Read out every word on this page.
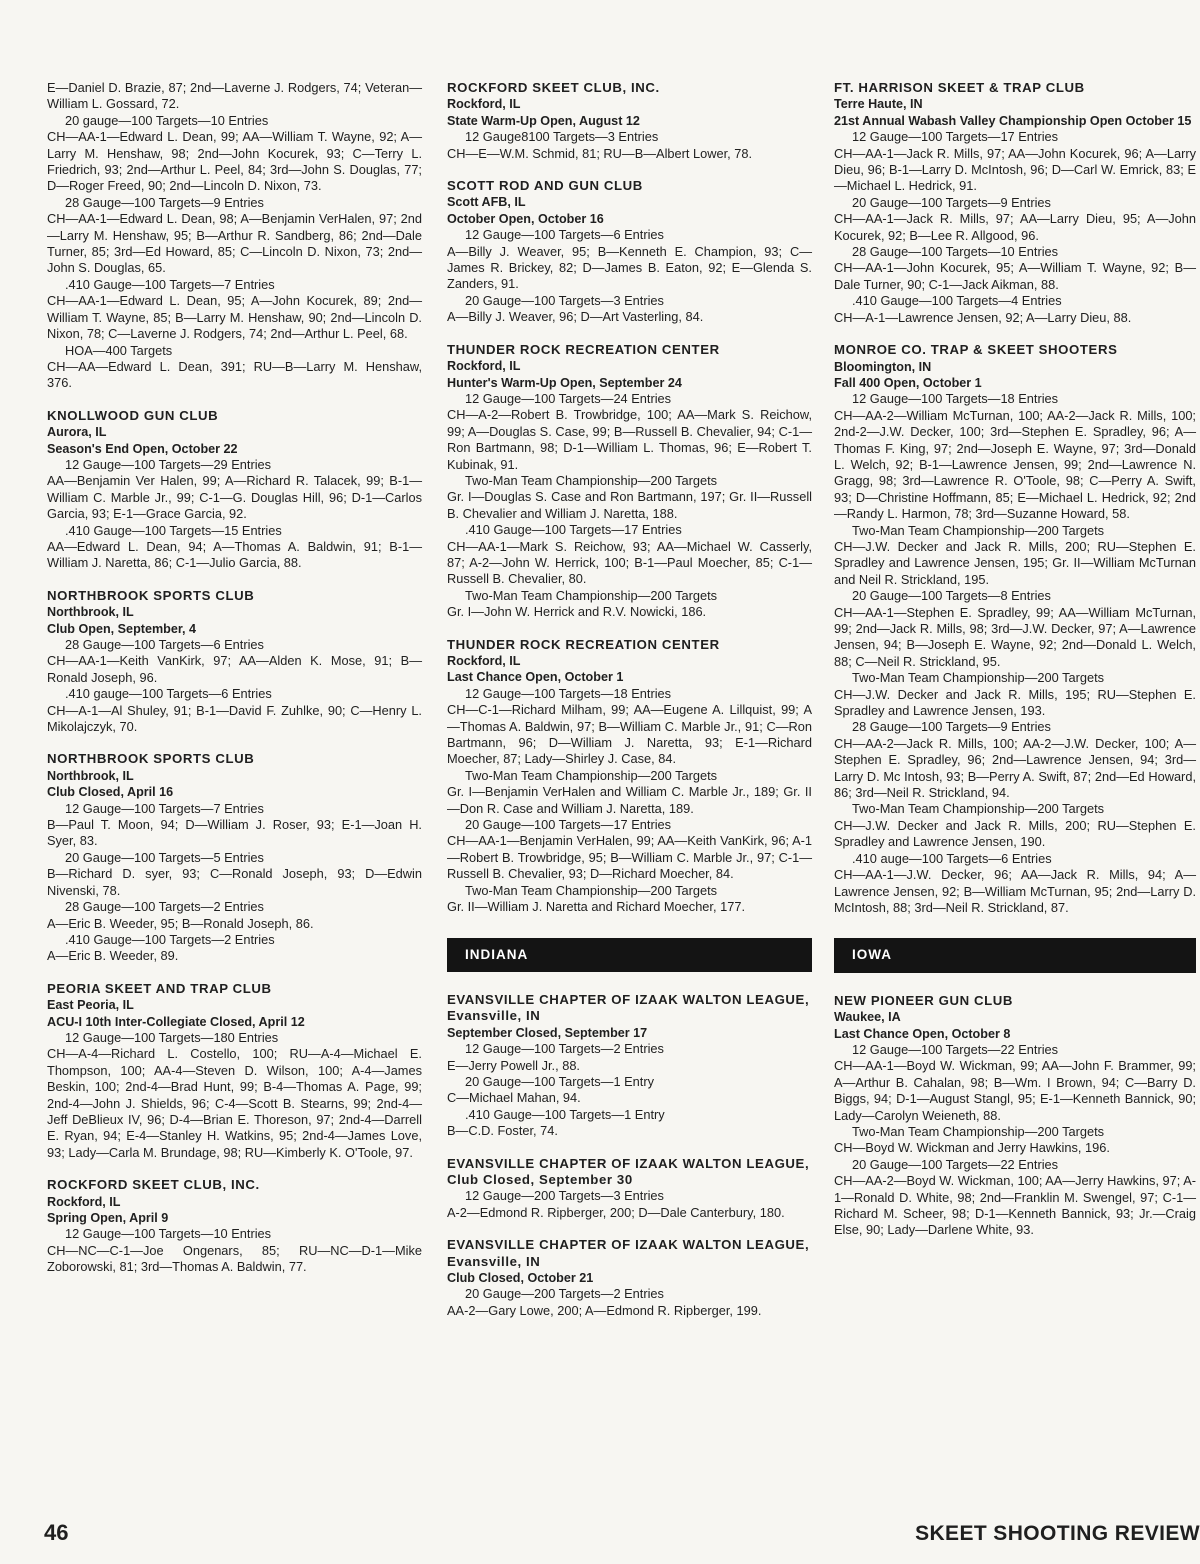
E—Daniel D. Brazie, 87; 2nd—Laverne J. Rodgers, 74; Veteran—William L. Gossard, 72.
20 gauge—100 Targets—10 Entries
CH—AA-1—Edward L. Dean, 99; AA—William T. Wayne, 92; A—Larry M. Henshaw, 98; 2nd—John Kocurek, 93; C—Terry L. Friedrich, 93; 2nd—Arthur L. Peel, 84; 3rd—John S. Douglas, 77; D—Roger Freed, 90; 2nd—Lincoln D. Nixon, 73.
28 Gauge—100 Targets—9 Entries
CH—AA-1—Edward L. Dean, 98; A—Benjamin VerHalen, 97; 2nd—Larry M. Henshaw, 95; B—Arthur R. Sandberg, 86; 2nd—Dale Turner, 85; 3rd—Ed Howard, 85; C—Lincoln D. Nixon, 73; 2nd—John S. Douglas, 65.
.410 Gauge—100 Targets—7 Entries
CH—AA-1—Edward L. Dean, 95; A—John Kocurek, 89; 2nd—William T. Wayne, 85; B—Larry M. Henshaw, 90; 2nd—Lincoln D. Nixon, 78; C—Laverne J. Rodgers, 74; 2nd—Arthur L. Peel, 68.
HOA—400 Targets
CH—AA—Edward L. Dean, 391; RU—B—Larry M. Henshaw, 376.
KNOLLWOOD GUN CLUB
Aurora, IL
Season's End Open, October 22
12 Gauge—100 Targets—29 Entries
AA—Benjamin Ver Halen, 99; A—Richard R. Talacek, 99; B-1—William C. Marble Jr., 99; C-1—G. Douglas Hill, 96; D-1—Carlos Garcia, 93; E-1—Grace Garcia, 92.
.410 Gauge—100 Targets—15 Entries
AA—Edward L. Dean, 94; A—Thomas A. Baldwin, 91; B-1—William J. Naretta, 86; C-1—Julio Garcia, 88.
NORTHBROOK SPORTS CLUB
Northbrook, IL
Club Open, September, 4
28 Gauge—100 Targets—6 Entries
CH—AA-1—Keith VanKirk, 97; AA—Alden K. Mose, 91; B—Ronald Joseph, 96.
.410 gauge—100 Targets—6 Entries
CH—A-1—Al Shuley, 91; B-1—David F. Zuhlke, 90; C—Henry L. Mikolajczyk, 70.
NORTHBROOK SPORTS CLUB
Northbrook, IL
Club Closed, April 16
12 Gauge—100 Targets—7 Entries
B—Paul T. Moon, 94; D—William J. Roser, 93; E-1—Joan H. Syer, 83.
20 Gauge—100 Targets—5 Entries
B—Richard D. syer, 93; C—Ronald Joseph, 93; D—Edwin Nivenski, 78.
28 Gauge—100 Targets—2 Entries
A—Eric B. Weeder, 95; B—Ronald Joseph, 86.
.410 Gauge—100 Targets—2 Entries
A—Eric B. Weeder, 89.
PEORIA SKEET AND TRAP CLUB
East Peoria, IL
ACU-I 10th Inter-Collegiate Closed, April 12
12 Gauge—100 Targets—180 Entries
CH—A-4—Richard L. Costello, 100; RU—A-4—Michael E. Thompson, 100; AA-4—Steven D. Wilson, 100; A-4—James Beskin, 100; 2nd-4—Brad Hunt, 99; B-4—Thomas A. Page, 99; 2nd-4—John J. Shields, 96; C-4—Scott B. Stearns, 99; 2nd-4—Jeff DeBlieux IV, 96; D-4—Brian E. Thoreson, 97; 2nd-4—Darrell E. Ryan, 94; E-4—Stanley H. Watkins, 95; 2nd-4—James Love, 93; Lady—Carla M. Brundage, 98; RU—Kimberly K. O'Toole, 97.
ROCKFORD SKEET CLUB, INC.
Rockford, IL
Spring Open, April 9
12 Gauge—100 Targets—10 Entries
CH—NC—C-1—Joe Ongenars, 85; RU—NC—D-1—Mike Zoborowski, 81; 3rd—Thomas A. Baldwin, 77.
ROCKFORD SKEET CLUB, INC.
Rockford, IL
State Warm-Up Open, August 12
12 Gauge8100 Targets—3 Entries
CH—E—W.M. Schmid, 81; RU—B—Albert Lower, 78.
SCOTT ROD AND GUN CLUB
Scott AFB, IL
October Open, October 16
12 Gauge—100 Targets—6 Entries
A—Billy J. Weaver, 95; B—Kenneth E. Champion, 93; C—James R. Brickey, 82; D—James B. Eaton, 92; E—Glenda S. Zanders, 91.
20 Gauge—100 Targets—3 Entries
A—Billy J. Weaver, 96; D—Art Vasterling, 84.
THUNDER ROCK RECREATION CENTER
Rockford, IL
Hunter's Warm-Up Open, September 24
12 Gauge—100 Targets—24 Entries
CH—A-2—Robert B. Trowbridge, 100; AA—Mark S. Reichow, 99; A—Douglas S. Case, 99; B—Russell B. Chevalier, 94; C-1—Ron Bartmann, 98; D-1—William L. Thomas, 96; E—Robert T. Kubinak, 91.
Two-Man Team Championship—200 Targets
Gr. I—Douglas S. Case and Ron Bartmann, 197; Gr. II—Russell B. Chevalier and William J. Naretta, 188.
.410 Gauge—100 Targets—17 Entries
CH—AA-1—Mark S. Reichow, 93; AA—Michael W. Casserly, 87; A-2—John W. Herrick, 100; B-1—Paul Moecher, 85; C-1—Russell B. Chevalier, 80.
Two-Man Team Championship—200 Targets
Gr. I—John W. Herrick and R.V. Nowicki, 186.
THUNDER ROCK RECREATION CENTER
Rockford, IL
Last Chance Open, October 1
12 Gauge—100 Targets—18 Entries
CH—C-1—Richard Milham, 99; AA—Eugene A. Lillquist, 99; A—Thomas A. Baldwin, 97; B—William C. Marble Jr., 91; C—Ron Bartmann, 96; D—William J. Naretta, 93; E-1—Richard Moecher, 87; Lady—Shirley J. Case, 84.
Two-Man Team Championship—200 Targets
Gr. I—Benjamin VerHalen and William C. Marble Jr., 189; Gr. II—Don R. Case and William J. Naretta, 189.
20 Gauge—100 Targets—17 Entries
CH—AA-1—Benjamin VerHalen, 99; AA—Keith VanKirk, 96; A-1—Robert B. Trowbridge, 95; B—William C. Marble Jr., 97; C-1—Russell B. Chevalier, 93; D—Richard Moecher, 84.
Two-Man Team Championship—200 Targets
Gr. II—William J. Naretta and Richard Moecher, 177.
INDIANA
EVANSVILLE CHAPTER OF IZAAK WALTON LEAGUE, Evansville, IN
September Closed, September 17
12 Gauge—100 Targets—2 Entries
E—Jerry Powell Jr., 88.
20 Gauge—100 Targets—1 Entry
C—Michael Mahan, 94.
.410 Gauge—100 Targets—1 Entry
B—C.D. Foster, 74.
EVANSVILLE CHAPTER OF IZAAK WALTON LEAGUE, Club Closed, September 30
12 Gauge—200 Targets—3 Entries
A-2—Edmond R. Ripberger, 200; D—Dale Canterbury, 180.
EVANSVILLE CHAPTER OF IZAAK WALTON LEAGUE, Evansville, IN
Club Closed, October 21
20 Gauge—200 Targets—2 Entries
AA-2—Gary Lowe, 200; A—Edmond R. Ripberger, 199.
FT. HARRISON SKEET & TRAP CLUB
Terre Haute, IN
21st Annual Wabash Valley Championship Open October 15
12 Gauge—100 Targets—17 Entries
CH—AA-1—Jack R. Mills, 97; AA—John Kocurek, 96; A—Larry Dieu, 96; B-1—Larry D. McIntosh, 96; D—Carl W. Emrick, 83; E—Michael L. Hedrick, 91.
20 Gauge—100 Targets—9 Entries
CH—AA-1—Jack R. Mills, 97; AA—Larry Dieu, 95; A—John Kocurek, 92; B—Lee R. Allgood, 96.
28 Gauge—100 Targets—10 Entries
CH—AA-1—John Kocurek, 95; A—William T. Wayne, 92; B—Dale Turner, 90; C-1—Jack Aikman, 88.
.410 Gauge—100 Targets—4 Entries
CH—A-1—Lawrence Jensen, 92; A—Larry Dieu, 88.
MONROE CO. TRAP & SKEET SHOOTERS
Bloomington, IN
Fall 400 Open, October 1
12 Gauge—100 Targets—18 Entries
CH—AA-2—William McTurnan, 100; AA-2—Jack R. Mills, 100; 2nd-2—J.W. Decker, 100; 3rd—Stephen E. Spradley, 96; A—Thomas F. King, 97; 2nd—Joseph E. Wayne, 97; 3rd—Donald L. Welch, 92; B-1—Lawrence Jensen, 99; 2nd—Lawrence N. Gragg, 98; 3rd—Lawrence R. O'Toole, 98; C—Perry A. Swift, 93; D—Christine Hoffmann, 85; E—Michael L. Hedrick, 92; 2nd—Randy L. Harmon, 78; 3rd—Suzanne Howard, 58.
Two-Man Team Championship—200 Targets
CH—J.W. Decker and Jack R. Mills, 200; RU—Stephen E. Spradley and Lawrence Jensen, 195; Gr. II—William McTurnan and Neil R. Strickland, 195.
20 Gauge—100 Targets—8 Entries
CH—AA-1—Stephen E. Spradley, 99; AA—William McTurnan, 99; 2nd—Jack R. Mills, 98; 3rd—J.W. Decker, 97; A—Lawrence Jensen, 94; B—Joseph E. Wayne, 92; 2nd—Donald L. Welch, 88; C—Neil R. Strickland, 95.
Two-Man Team Championship—200 Targets
CH—J.W. Decker and Jack R. Mills, 195; RU—Stephen E. Spradley and Lawrence Jensen, 193.
28 Gauge—100 Targets—9 Entries
CH—AA-2—Jack R. Mills, 100; AA-2—J.W. Decker, 100; A—Stephen E. Spradley, 96; 2nd—Lawrence Jensen, 94; 3rd—Larry D. Mc Intosh, 93; B—Perry A. Swift, 87; 2nd—Ed Howard, 86; 3rd—Neil R. Strickland, 94.
Two-Man Team Championship—200 Targets
CH—J.W. Decker and Jack R. Mills, 200; RU—Stephen E. Spradley and Lawrence Jensen, 190.
.410 auge—100 Targets—6 Entries
CH—AA-1—J.W. Decker, 96; AA—Jack R. Mills, 94; A—Lawrence Jensen, 92; B—William McTurnan, 95; 2nd—Larry D. McIntosh, 88; 3rd—Neil R. Strickland, 87.
IOWA
NEW PIONEER GUN CLUB
Waukee, IA
Last Chance Open, October 8
12 Gauge—100 Targets—22 Entries
CH—AA-1—Boyd W. Wickman, 99; AA—John F. Brammer, 99; A—Arthur B. Cahalan, 98; B—Wm. I Brown, 94; C—Barry D. Biggs, 94; D-1—August Stangl, 95; E-1—Kenneth Bannick, 90; Lady—Carolyn Weieneth, 88.
Two-Man Team Championship—200 Targets
CH—Boyd W. Wickman and Jerry Hawkins, 196.
20 Gauge—100 Targets—22 Entries
CH—AA-2—Boyd W. Wickman, 100; AA—Jerry Hawkins, 97; A-1—Ronald D. White, 98; 2nd—Franklin M. Swengel, 97; C-1—Richard M. Scheer, 98; D-1—Kenneth Bannick, 93; Jr.—Craig Else, 90; Lady—Darlene White, 93.
46	SKEET SHOOTING REVIEW
